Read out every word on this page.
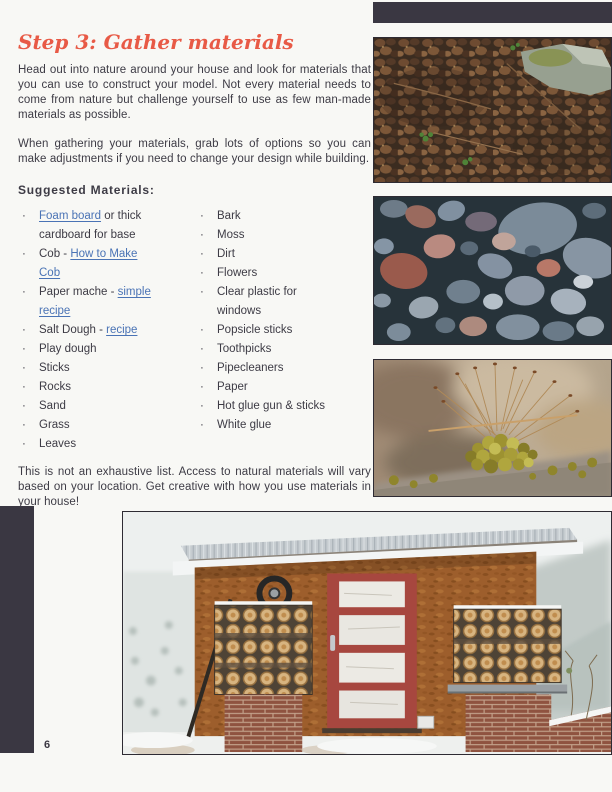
Step 3: Gather materials

Head out into nature around your house and look for materials that you can use to construct your model. Not every material needs to come from nature but challenge yourself to use as few man-made materials as possible.

When gathering your materials, grab lots of options so you can make adjustments if you need to change your design while building.

Suggested Materials:
·	Foam board or thick cardboard for base
·	Cob - How to Make Cob
·	Paper mache - simple recipe
·	Salt Dough - recipe
·	Play dough
·	Sticks
·	Rocks
·	Sand
·	Grass
·	Leaves
·	Bark
·	Moss
·	Dirt
·	Flowers
·	Clear plastic for windows
·	Popsicle sticks
·	Toothpicks
·	Pipecleaners
·	Paper
·	Hot glue gun & sticks
·	White glue

This is not an exhaustive list. Access to natural materials will vary based on your location. Get creative with how you use materials in your house!

6
